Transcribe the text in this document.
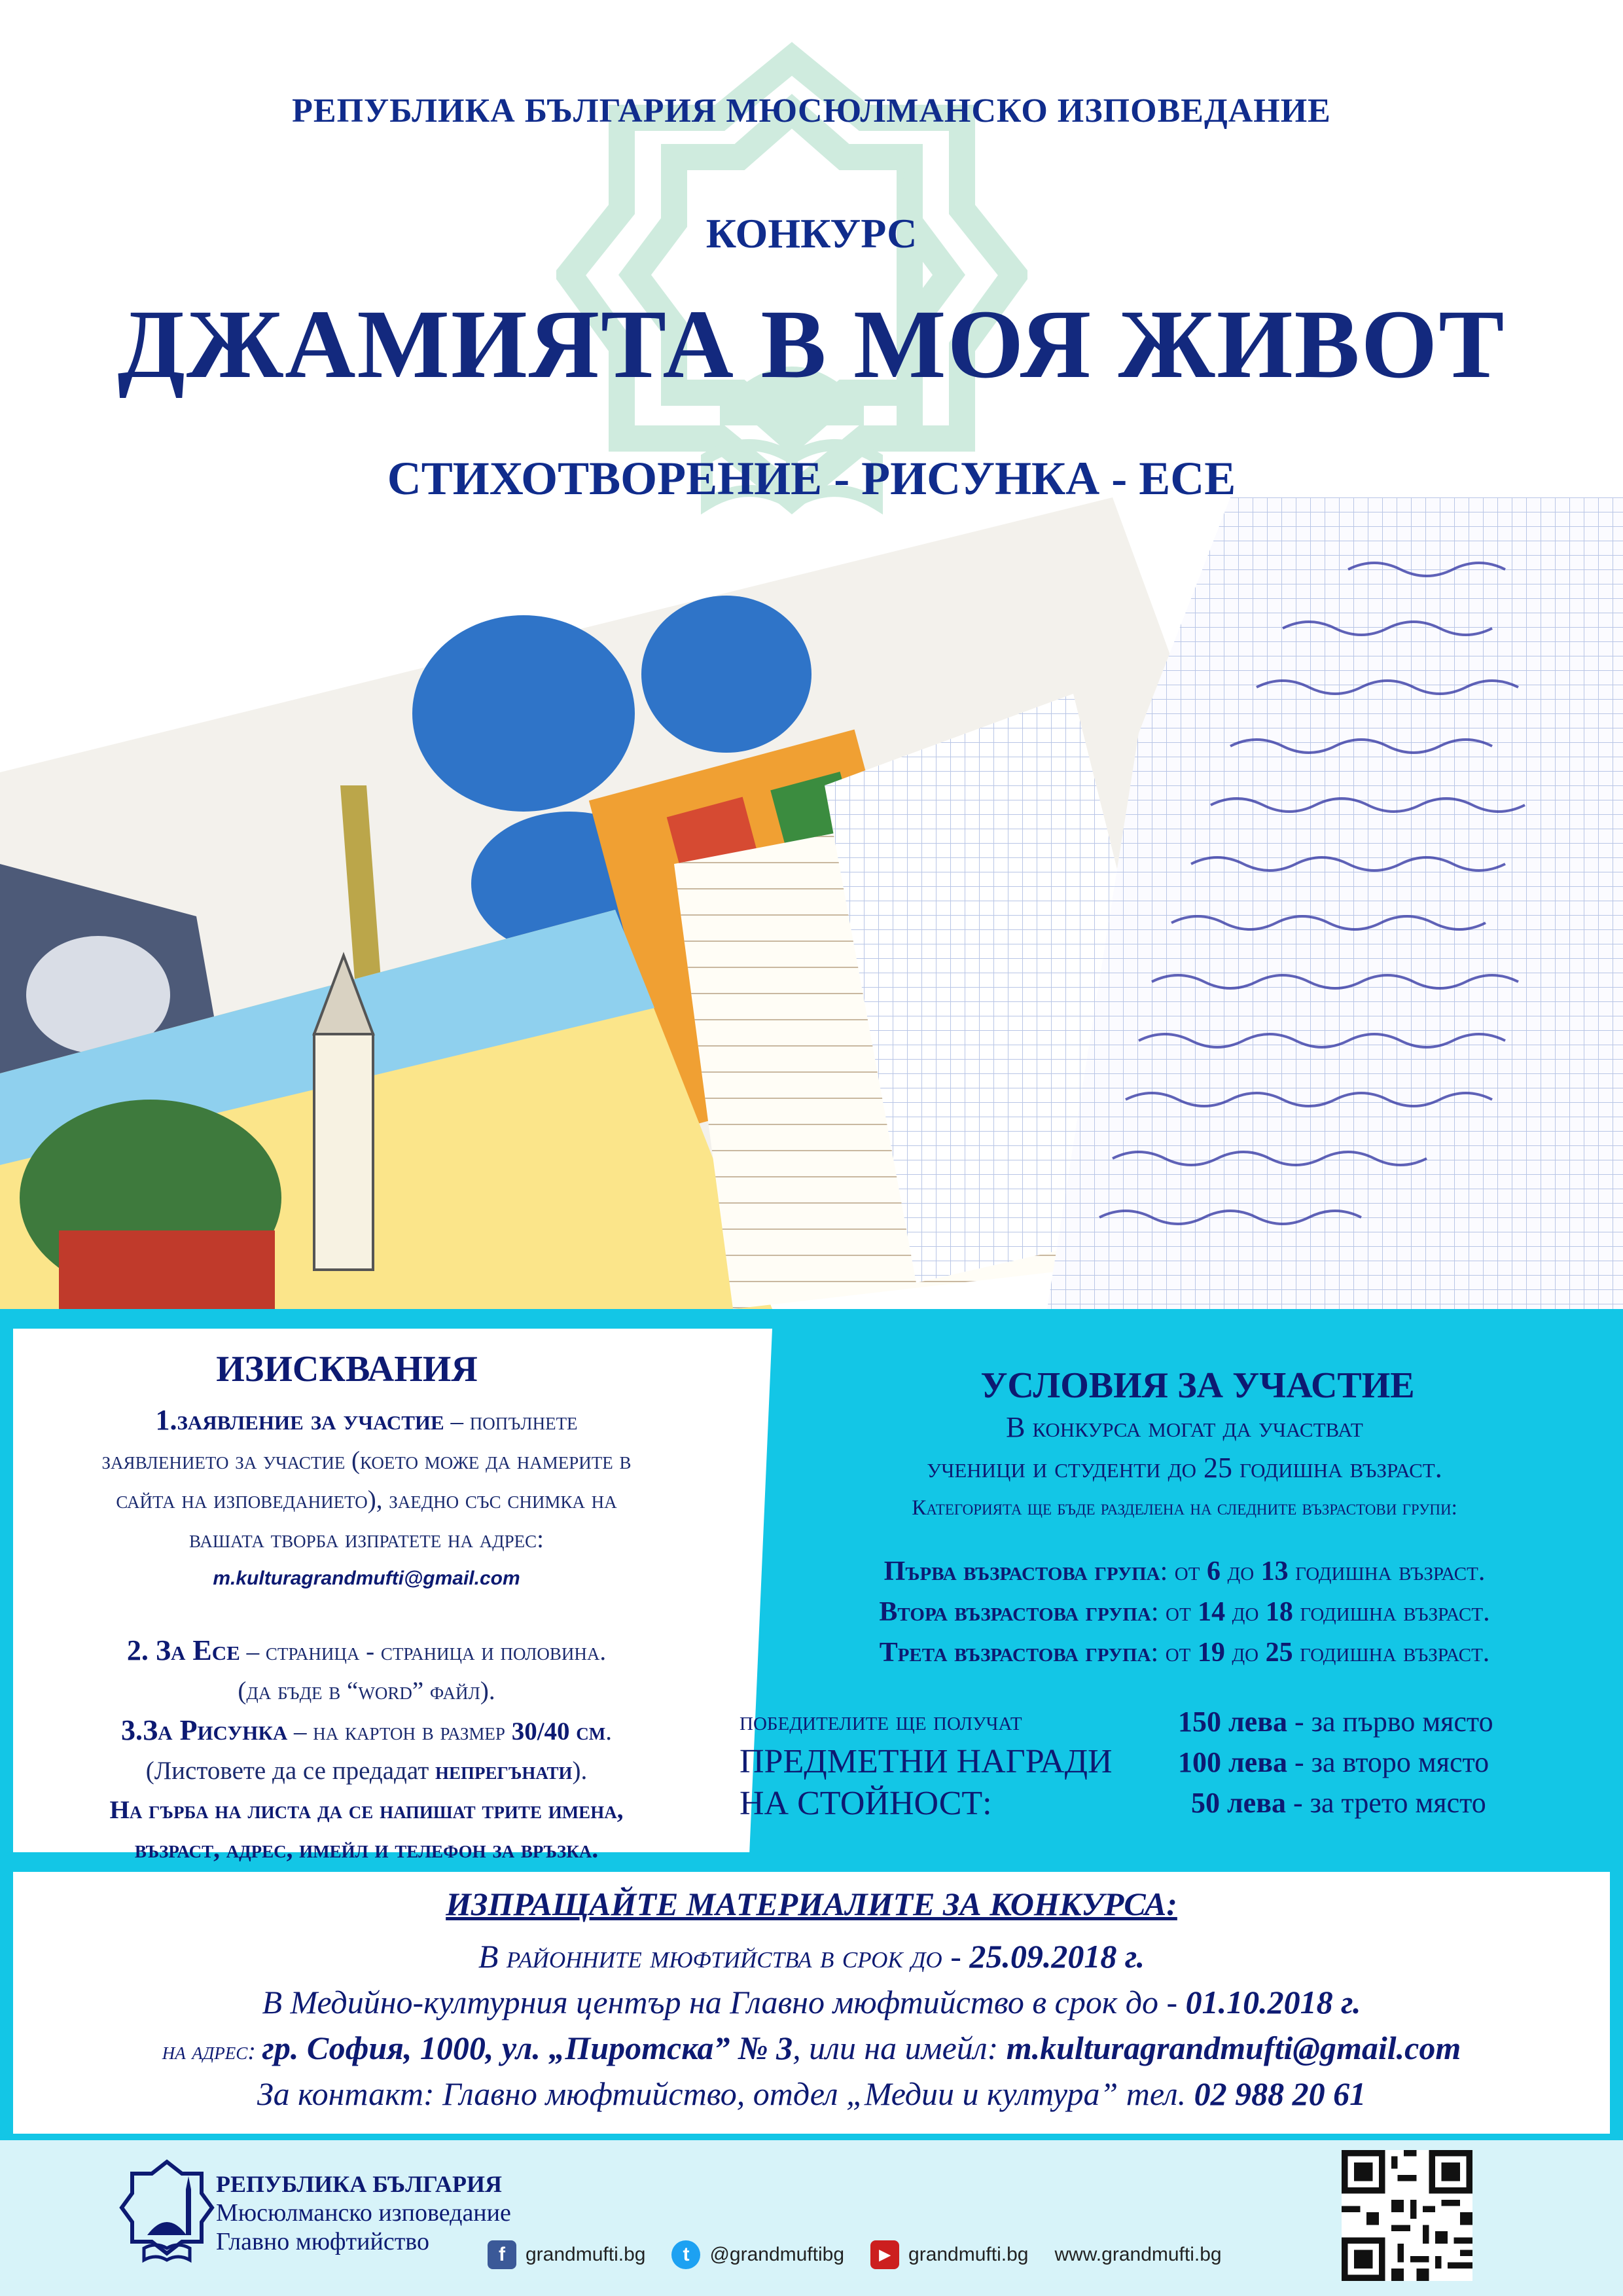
РЕПУБЛИКА БЪЛГАРИЯ МЮСЮЛМАНСКО ИЗПОВЕДАНИЕ
КОНКУРС
ДЖАМИЯТА В МОЯ ЖИВОТ
СТИХОТВОРЕНИЕ - РИСУНКА - ЕСЕ
ИЗИСКВАНИЯ
1.заявление за участие – попълнете
заявлението за участие (което може да намерите в
сайта на изповеданието), заедно със снимка на
вашата творба изпратете на адрес:
m.kulturagrandmufti@gmail.com
2. За Есе – страница - страница и половина.
(да бъде в “word” файл).
3.За Рисунка – на картон в размер 30/40 см.
(Листовете да се предадат непрегънати).
На гърба на листа да се напишат трите имена,
възраст, адрес, имейл и телефон за връзка.
УСЛОВИЯ ЗА УЧАСТИЕ
В конкурса могат да участват
ученици и студенти до 25 годишна възраст.
Категорията ще бъде разделена на следните възрастови групи:
Първа възрастова група: от 6 до 13 годишна възраст.
Втора възрастова група: от 14 до 18 годишна възраст.
Трета възрастова група: от 19 до 25 годишна възраст.
победителите ще получат
ПРЕДМЕТНИ НАГРАДИ
НА СТОЙНОСТ:
150 лева - за първо място
100 лева - за второ място
50 лева - за трето място
ИЗПРАЩАЙТЕ МАТЕРИАЛИТЕ ЗА КОНКУРСА:
В районните мюфтийства в срок до - 25.09.2018 г.
В Медийно-културния център на Главно мюфтийство в срок до - 01.10.2018 г.
на адрес: гр. София, 1000, ул. „Пиротска” № 3, или на имейл: m.kulturagrandmufti@gmail.com
За контакт: Главно мюфтийство, отдел „Медии и култура” тел. 02 988 20 61
РЕПУБЛИКА БЪЛГАРИЯ
Мюсюлманско изповедание
Главно мюфтийство	f	grandmufti.bg	t	@grandmuftibg	▶ grandmufti.bg www.grandmufti.bg
